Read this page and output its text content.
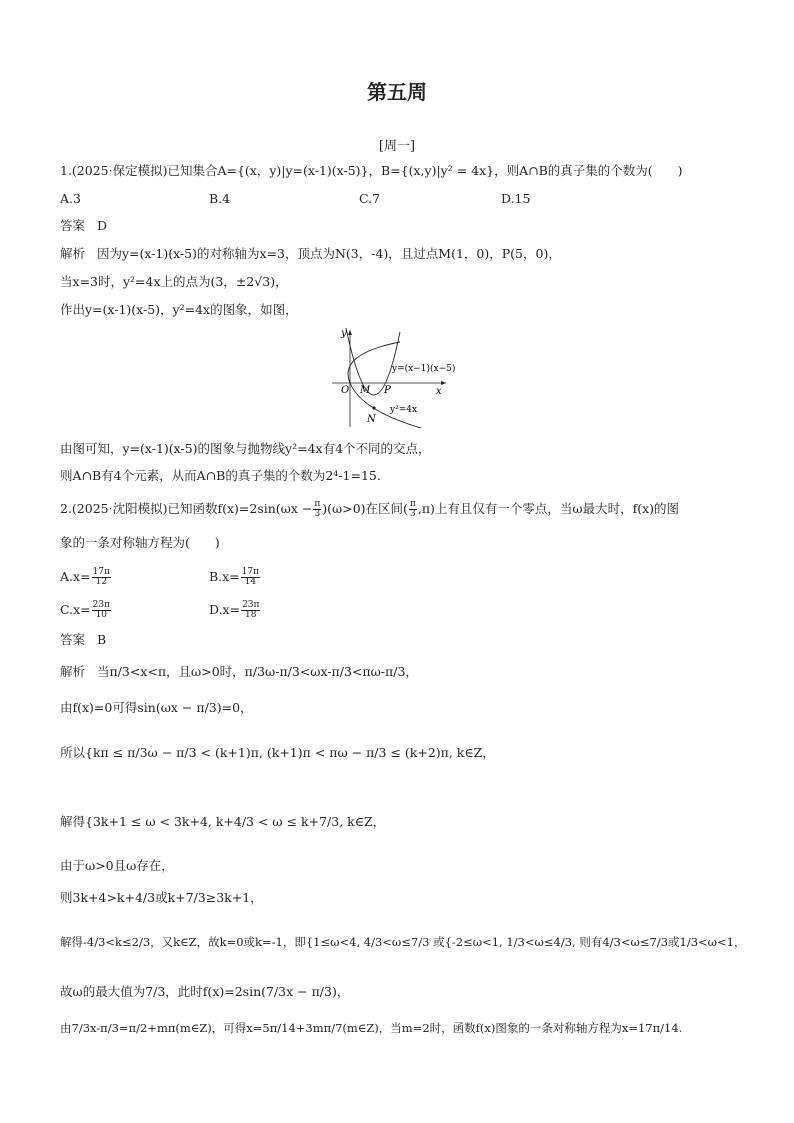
第五周
[周一]
1.(2025·保定模拟)已知集合A={(x，y)|y=(x-1)(x-5)}，B={(x,y)|y² = 4x}，则A∩B的真子集的个数为(　　)
A.3	B.4	C.7	D.15
答案 D
解析 因为y=(x-1)(x-5)的对称轴为x=3，顶点为N(3，-4)，且过点M(1，0)，P(5，0)，
当x=3时，y²=4x上的点为(3，±2√3)，
作出y=(x-1)(x-5)，y²=4x的图象，如图，
y
x
O M P
N
y=(x−1)(x−5)
y²=4x
由图可知，y=(x-1)(x-5)的图象与抛物线y²=4x有4个不同的交点，
则A∩B有4个元素，从而A∩B的真子集的个数为2⁴-1=15.
2.(2025·沈阳模拟)已知函数$f(x)=2\sin(\omega x - \frac{\pi}{3} )(\omega>0)$在区间( $\frac{\pi}{3} ,\pi$)上有且仅有一个零点，当ω最大时，f(x)的图
象的一条对称轴方程为(　　)
$A.x= \frac{17\pi}{12}$	$B.x= \frac{17\pi}{14}$
$C.x= \frac{23\pi}{10}$	$D.x= \frac{23\pi}{18}$
答案 B
解析 当π/3<x<π，且ω>0时，π/3ω-π/3<ωx-π/3<πω-π/3，
由f(x)=0可得sin(ωx − π/3)=0，
所以{kπ ≤ π/3ω − π/3 < (k+1)π, (k+1)π < πω − π/3 ≤ (k+2)π, k∈Z，
解得{3k+1 ≤ ω < 3k+4, k+4/3 < ω ≤ k+7/3, k∈Z，
由于ω>0且ω存在，
则3k+4>k+4/3或k+7/3≥3k+1，
解得-4/3<k≤2/3，又k∈Z，故k=0或k=-1，即{1≤ω<4, 4/3<ω≤7/3 或{-2≤ω<1, 1/3<ω≤4/3, 则有4/3<ω≤7/3或1/3<ω<1，
故ω的最大值为7/3，此时f(x)=2sin(7/3x − π/3)，
由7/3x-π/3=π/2+mπ(m∈Z)，可得x=5π/14+3mπ/7(m∈Z)，当m=2时，函数f(x)图象的一条对称轴方程为x=17π/14.
